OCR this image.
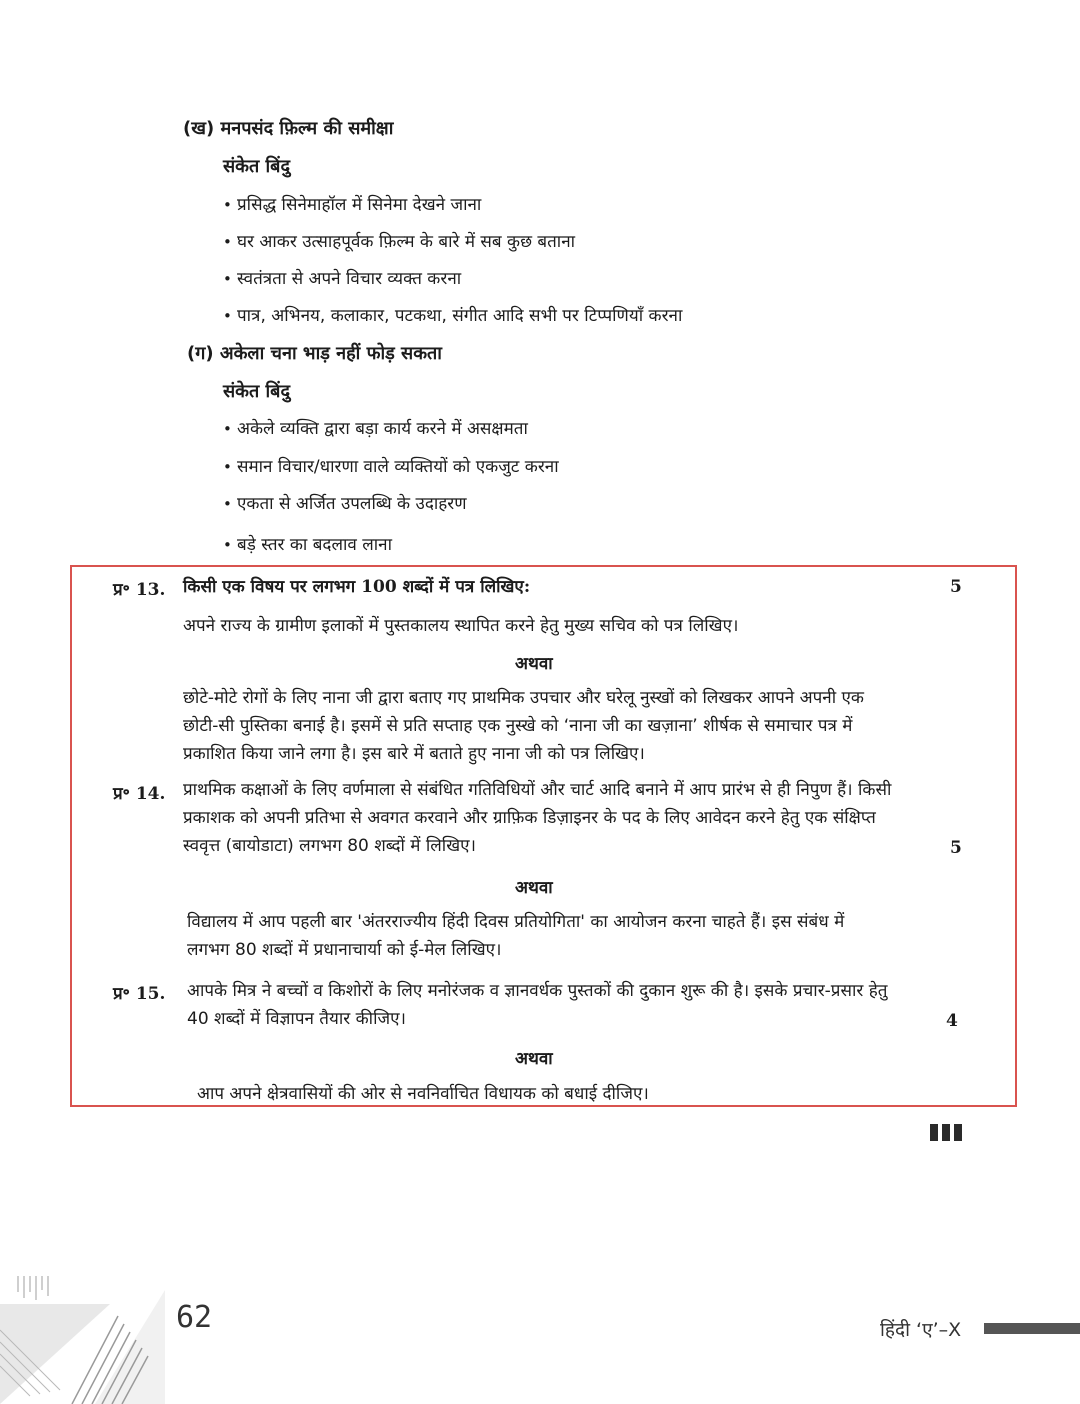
(ख) मनपसंद फ़िल्म की समीक्षा
संकेत बिंदु
• प्रसिद्ध सिनेमाहॉल में सिनेमा देखने जाना
• घर आकर उत्साहपूर्वक फ़िल्म के बारे में सब कुछ बताना
• स्वतंत्रता से अपने विचार व्यक्त करना
• पात्र, अभिनय, कलाकार, पटकथा, संगीत आदि सभी पर टिप्पणियाँ करना
(ग) अकेला चना भाड़ नहीं फोड़ सकता
संकेत बिंदु
• अकेले व्यक्ति द्वारा बड़ा कार्य करने में असक्षमता
• समान विचार/धारणा वाले व्यक्तियों को एकजुट करना
• एकता से अर्जित उपलब्धि के उदाहरण
• बड़े स्तर का बदलाव लाना
प्र॰ 13. किसी एक विषय पर लगभग 100 शब्दों में पत्र लिखिए:	5
अपने राज्य के ग्रामीण इलाकों में पुस्तकालय स्थापित करने हेतु मुख्य सचिव को पत्र लिखिए।
अथवा
छोटे-मोटे रोगों के लिए नाना जी द्वारा बताए गए प्राथमिक उपचार और घरेलू नुस्खों को लिखकर आपने अपनी एक
छोटी-सी पुस्तिका बनाई है। इसमें से प्रति सप्ताह एक नुस्खे को ‘नाना जी का खज़ाना’ शीर्षक से समाचार पत्र में
प्रकाशित किया जाने लगा है। इस बारे में बताते हुए नाना जी को पत्र लिखिए।
प्र॰ 14. प्राथमिक कक्षाओं के लिए वर्णमाला से संबंधित गतिविधियों और चार्ट आदि बनाने में आप प्रारंभ से ही निपुण हैं। किसी
प्रकाशक को अपनी प्रतिभा से अवगत करवाने और ग्राफ़िक डिज़ाइनर के पद के लिए आवेदन करने हेतु एक संक्षिप्त
स्ववृत्त (बायोडाटा) लगभग 80 शब्दों में लिखिए।	5
अथवा
विद्यालय में आप पहली बार 'अंतरराज्यीय हिंदी दिवस प्रतियोगिता' का आयोजन करना चाहते हैं। इस संबंध में
लगभग 80 शब्दों में प्रधानाचार्या को ई-मेल लिखिए।
प्र॰ 15. आपके मित्र ने बच्चों व किशोरों के लिए मनोरंजक व ज्ञानवर्धक पुस्तकों की दुकान शुरू की है। इसके प्रचार-प्रसार हेतु
40 शब्दों में विज्ञापन तैयार कीजिए।	4
अथवा
आप अपने क्षेत्रवासियों की ओर से नवनिर्वाचित विधायक को बधाई दीजिए।
62	हिंदी ‘ए’–X
